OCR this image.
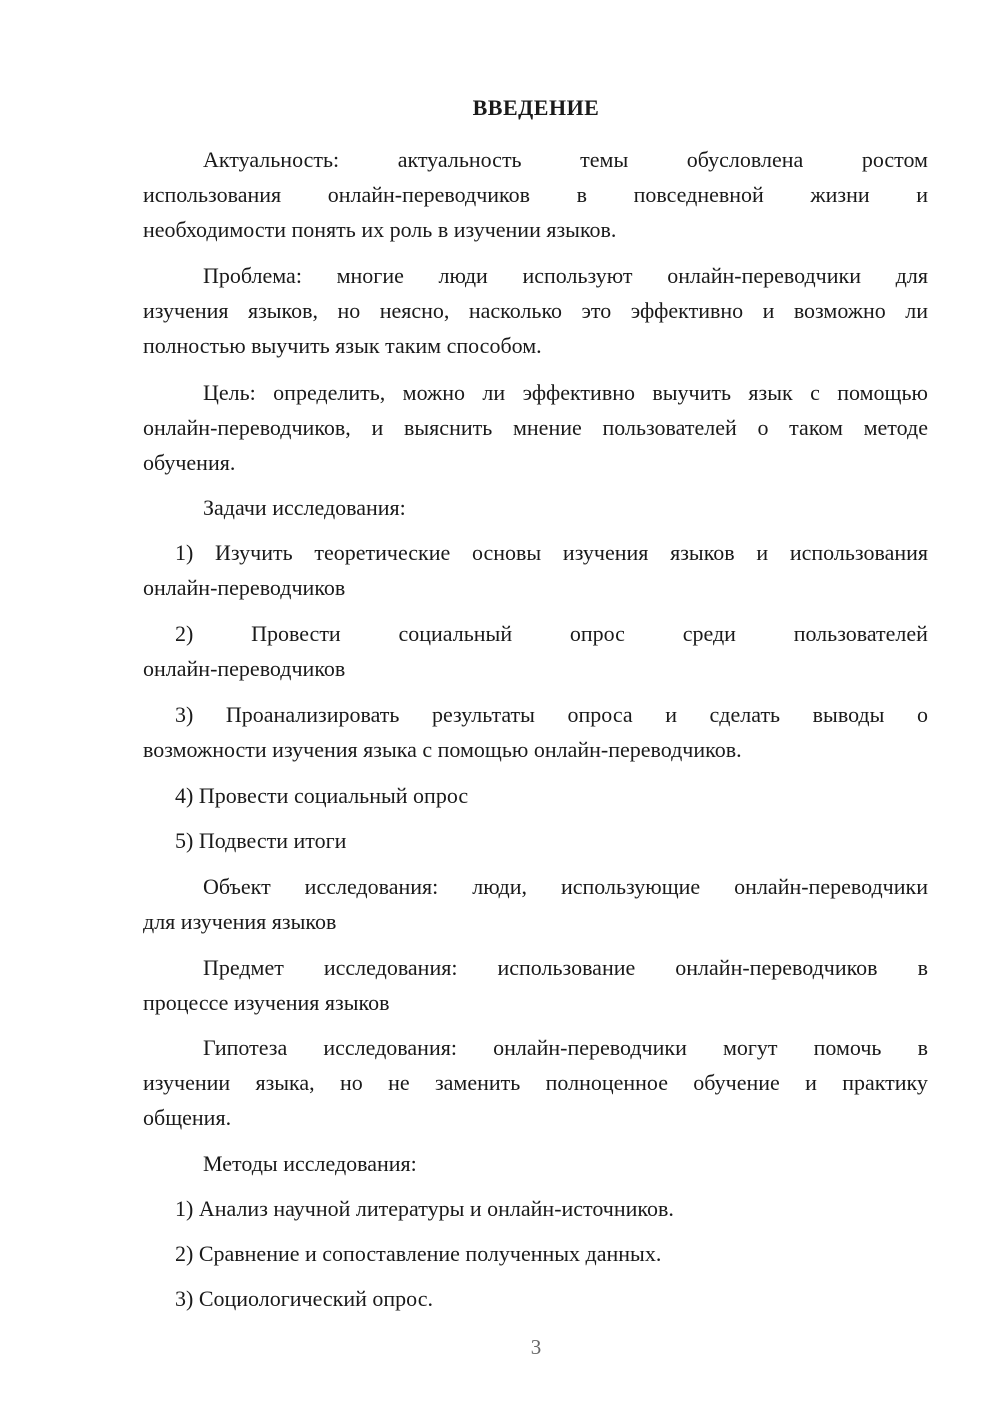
ВВЕДЕНИЕ
Актуальность:	актуальность	темы	обусловлена	ростом
использования онлайн-переводчиков в повседневной жизни и
необходимости понять их роль в изучении языков.
Проблема: многие люди используют онлайн-переводчики для
изучения языков, но неясно, насколько это эффективно и возможно ли
полностью выучить язык таким способом.
Цель: определить, можно ли эффективно выучить язык с помощью
онлайн-переводчиков, и выяснить мнение пользователей о таком методе
обучения.
Задачи исследования:
1) Изучить теоретические основы изучения языков и использования
онлайн-переводчиков
2)	Провести	социальный	опрос	среди	пользователей
онлайн-переводчиков
3) Проанализировать результаты опроса и сделать выводы о
возможности изучения языка с помощью онлайн-переводчиков.
4) Провести социальный опрос
5) Подвести итоги
Объект исследования: люди, использующие онлайн-переводчики
для изучения языков
Предмет исследования: использование онлайн-переводчиков в
процессе изучения языков
Гипотеза исследования: онлайн-переводчики могут помочь в
изучении языка, но не заменить полноценное обучение и практику
общения.
Методы исследования:
1) Анализ научной литературы и онлайн-источников.
2) Сравнение и сопоставление полученных данных.
3) Социологический опрос.
3
